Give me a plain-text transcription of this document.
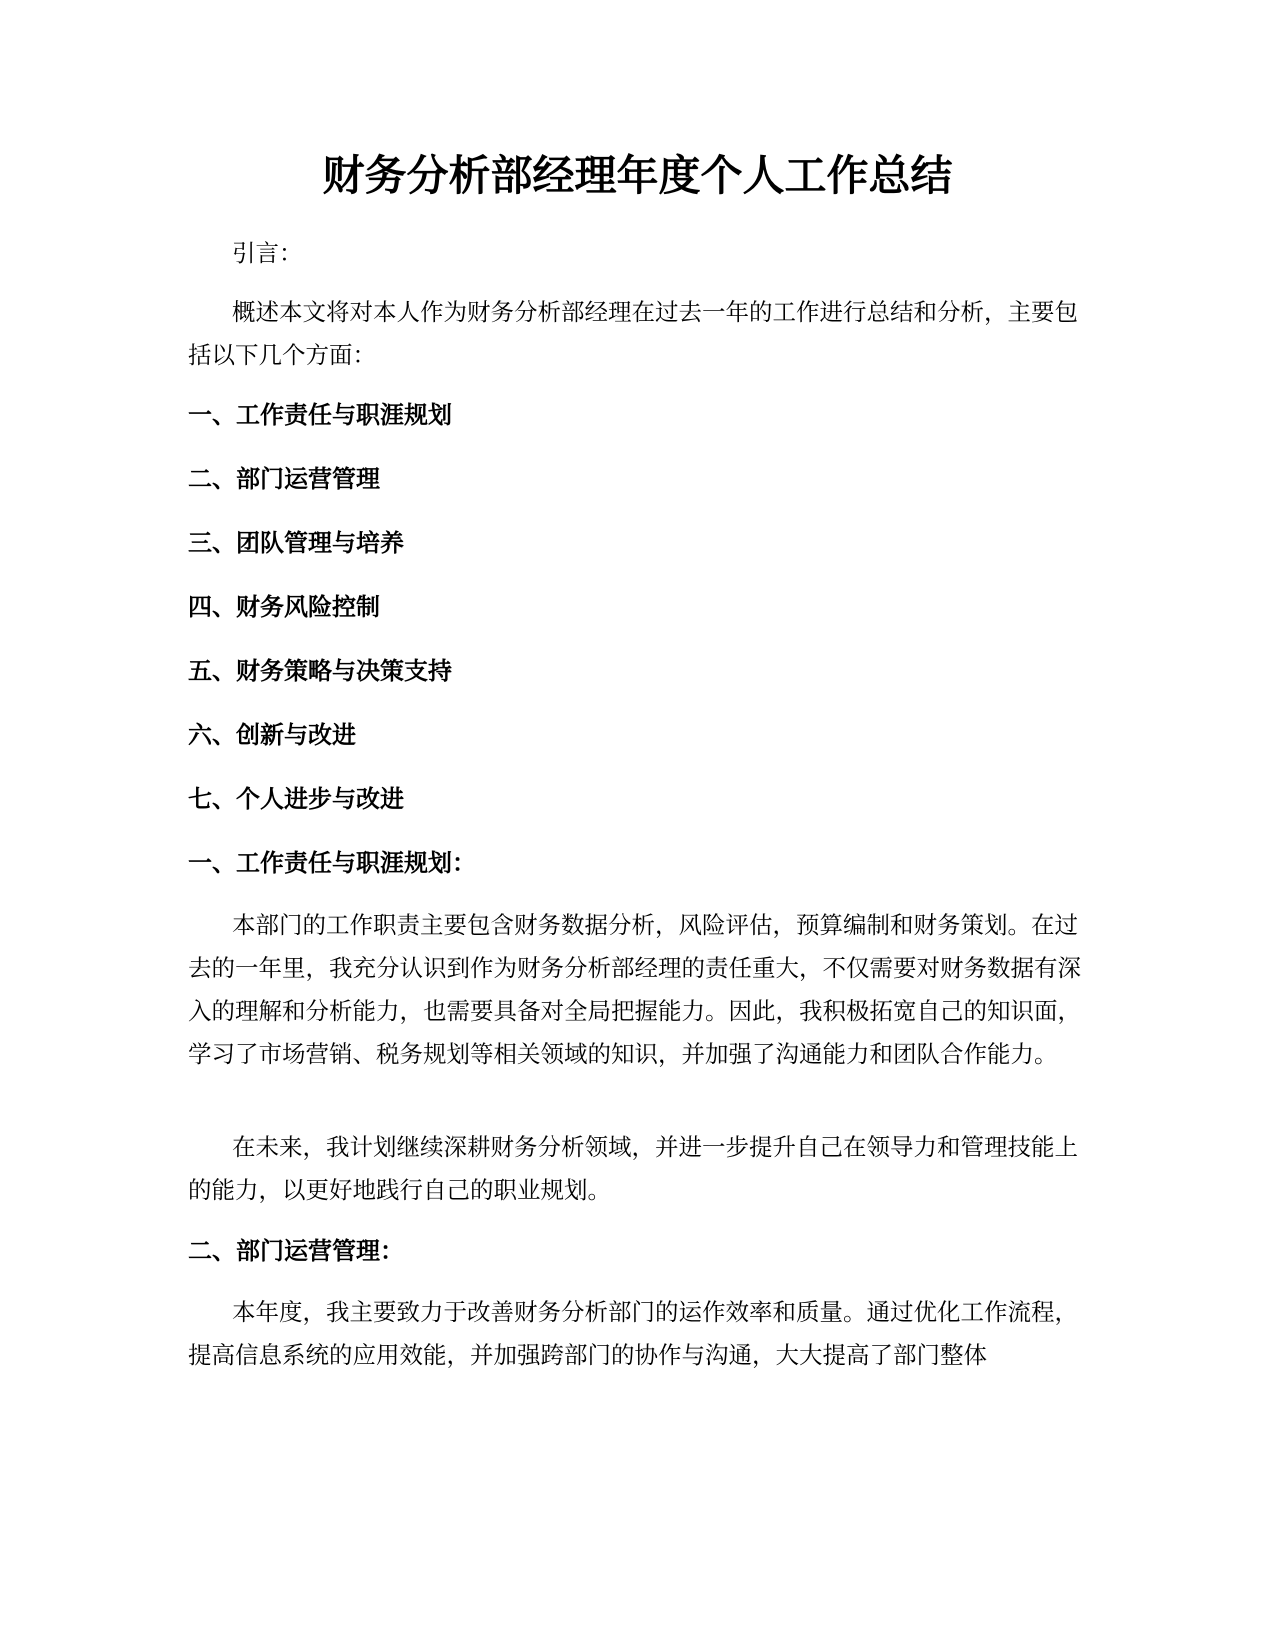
财务分析部经理年度个人工作总结

引言：

概述本文将对本人作为财务分析部经理在过去一年的工作进行总结和分析，主要包括以下几个方面：

一、工作责任与职涯规划
二、部门运营管理
三、团队管理与培养
四、财务风险控制
五、财务策略与决策支持
六、创新与改进
七、个人进步与改进
一、工作责任与职涯规划：

本部门的工作职责主要包含财务数据分析，风险评估，预算编制和财务策划。在过去的一年里，我充分认识到作为财务分析部经理的责任重大，不仅需要对财务数据有深入的理解和分析能力，也需要具备对全局把握能力。因此，我积极拓宽自己的知识面，学习了市场营销、税务规划等相关领域的知识，并加强了沟通能力和团队合作能力。

在未来，我计划继续深耕财务分析领域，并进一步提升自己在领导力和管理技能上的能力，以更好地践行自己的职业规划。

二、部门运营管理：

本年度，我主要致力于改善财务分析部门的运作效率和质量。通过优化工作流程，提高信息系统的应用效能，并加强跨部门的协作与沟通，大大提高了部门整体
